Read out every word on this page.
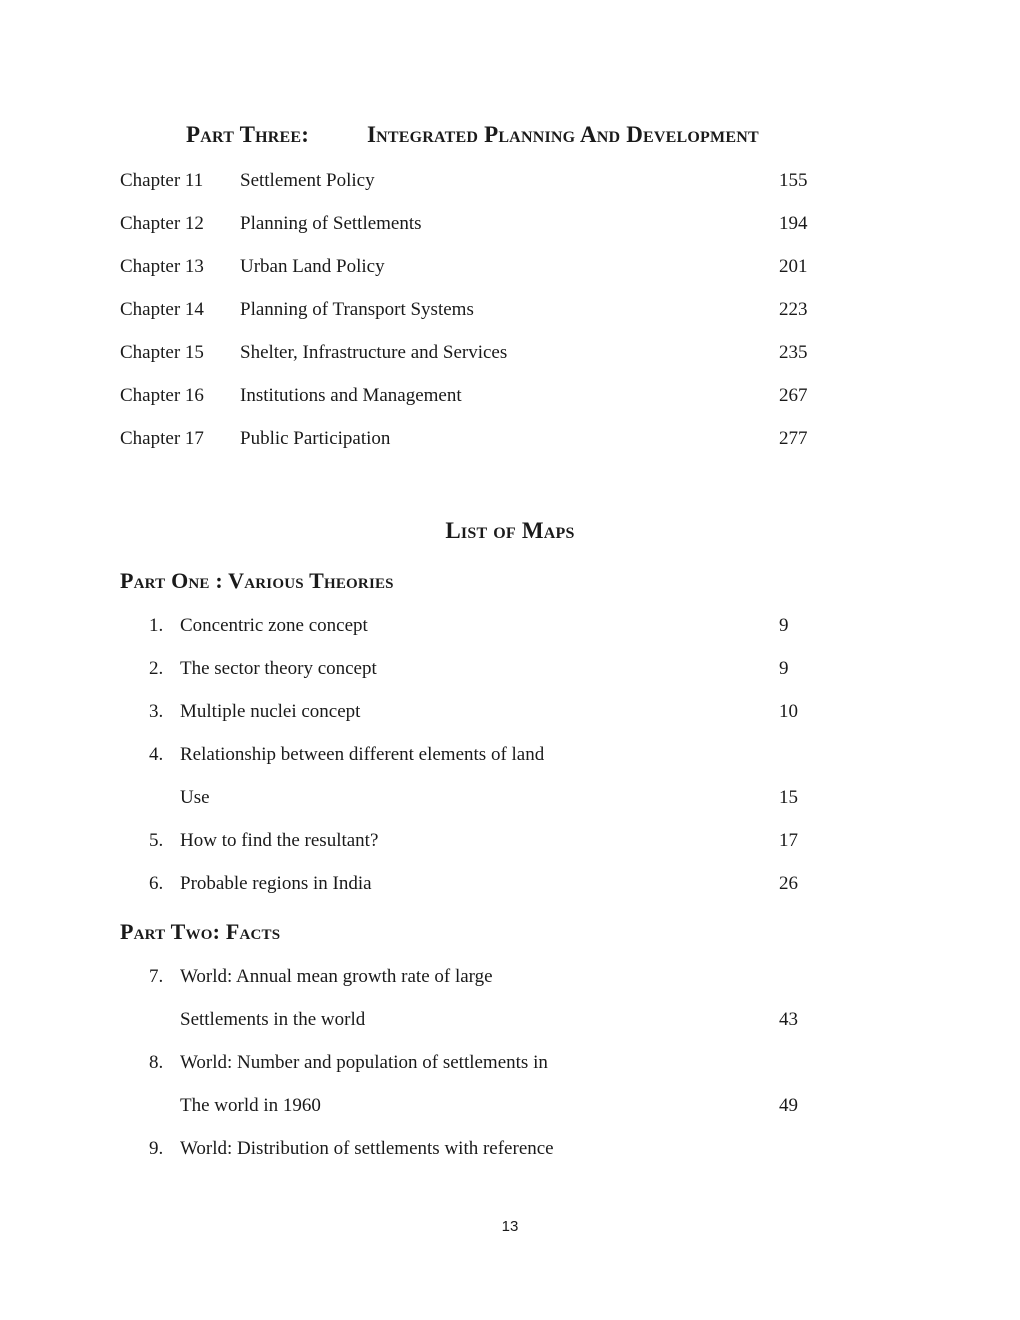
Part Three:	Integrated Planning And Development
Chapter 11 Settlement Policy	155
Chapter 12 Planning of Settlements	194
Chapter 13 Urban Land Policy	201
Chapter 14 Planning of Transport Systems	223
Chapter 15 Shelter, Infrastructure and Services	235
Chapter 16 Institutions and Management	267
Chapter 17 Public Participation	277
List of Maps
Part One : Various Theories
1. Concentric zone concept	9
2. The sector theory concept	9
3. Multiple nuclei concept	10
4. Relationship between different elements of land
Use	15
5. How to find the resultant?	17
6. Probable regions in India	26
Part Two: Facts
7. World: Annual mean growth rate of large
Settlements in the world	43
8. World: Number and population of settlements in
The world in 1960	49
9. World: Distribution of settlements with reference
13
